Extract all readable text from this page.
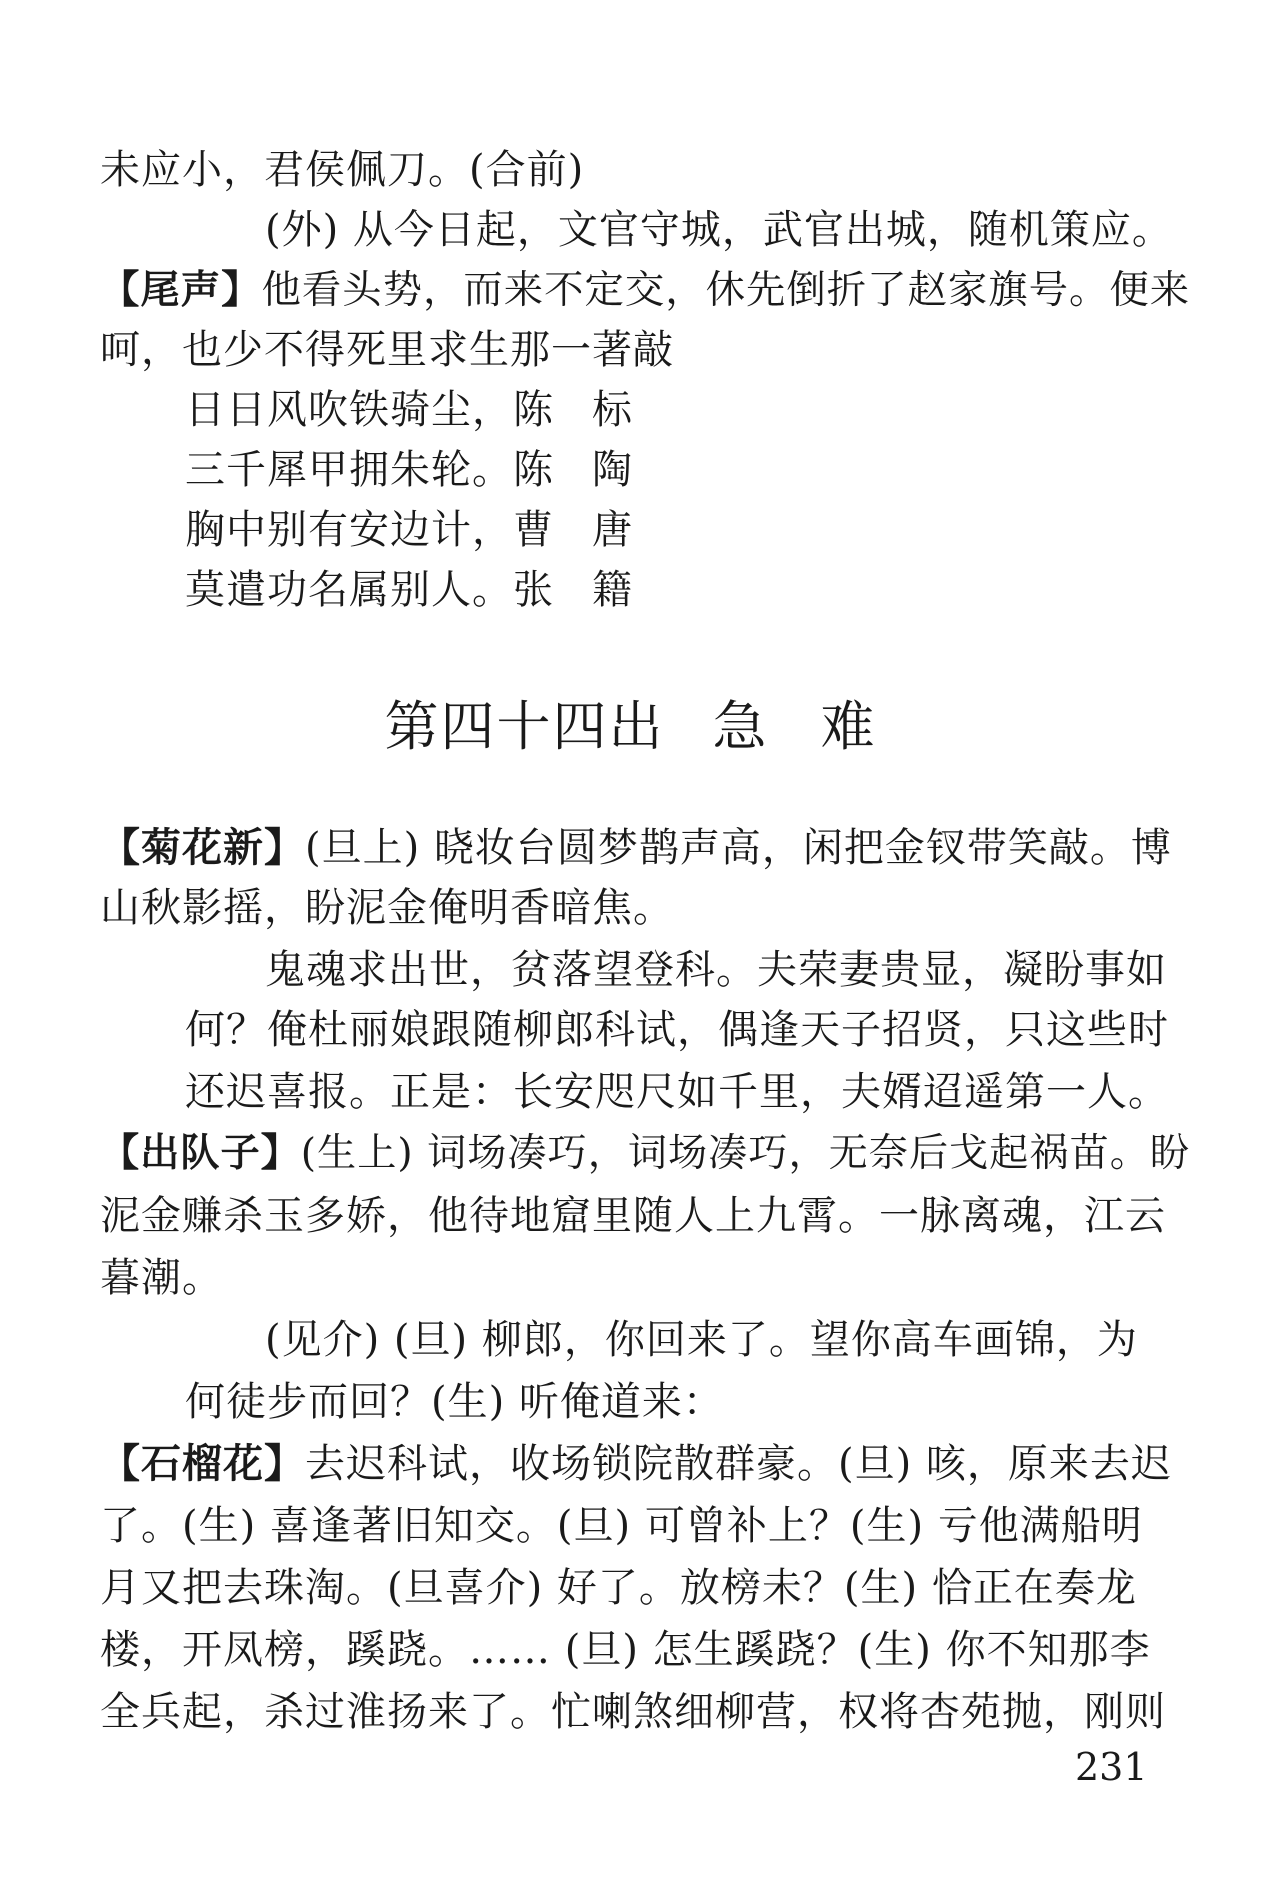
未应小，君侯佩刀。(合前)
(外) 从今日起，文官守城，武官出城，随机策应。
【尾声】他看头势，而来不定交，休先倒折了赵家旗号。便来
呵，也少不得死里求生那一著敲
日日风吹铁骑尘，陈 标
三千犀甲拥朱轮。陈 陶
胸中别有安边计，曹 唐
莫遣功名属别人。张 籍
第四十四出 急 难
【菊花新】(旦上) 晓妆台圆梦鹊声高，闲把金钗带笑敲。博
山秋影摇，盼泥金俺明香暗焦。
鬼魂求出世，贫落望登科。夫荣妻贵显，凝盼事如
何？俺杜丽娘跟随柳郎科试，偶逢天子招贤，只这些时
还迟喜报。正是：长安咫尺如千里，夫婿迢遥第一人。
【出队子】(生上) 词场凑巧，词场凑巧，无奈后戈起祸苗。盼
泥金赚杀玉多娇，他待地窟里随人上九霄。一脉离魂，江云
暮潮。
(见介) (旦) 柳郎，你回来了。望你高车画锦，为
何徒步而回？(生) 听俺道来：
【石榴花】去迟科试，收场锁院散群豪。(旦) 咳，原来去迟
了。(生) 喜逢著旧知交。(旦) 可曾补上？(生) 亏他满船明
月又把去珠淘。(旦喜介) 好了。放榜未？(生) 恰正在奏龙
楼，开凤榜，蹊跷。…… (旦) 怎生蹊跷？(生) 你不知那李
全兵起，杀过淮扬来了。忙喇煞细柳营，权将杏苑抛，刚则
231
